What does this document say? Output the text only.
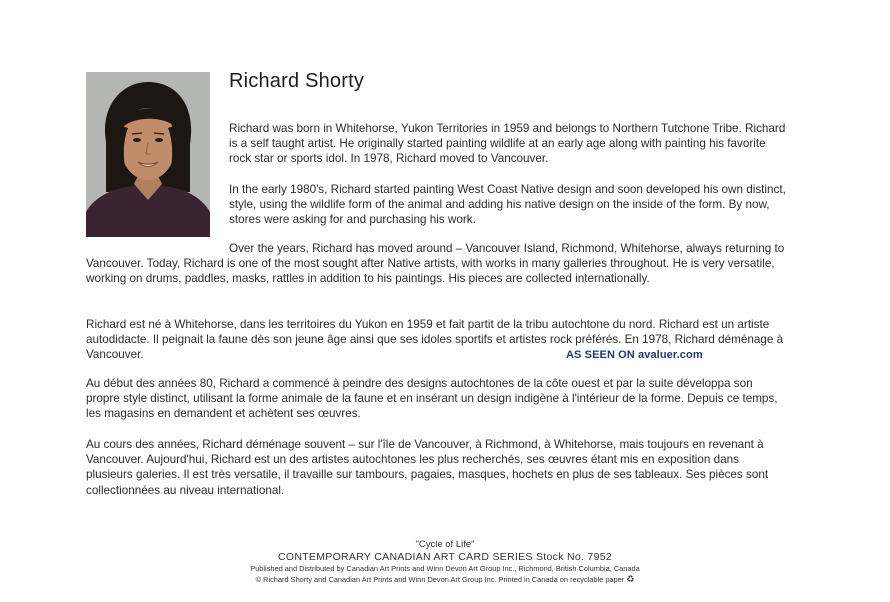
Richard Shorty

Richard was born in Whitehorse, Yukon Territories in 1959 and belongs to Northern Tutchone Tribe. Richard is a self taught artist. He originally started painting wildlife at an early age along with painting his favorite rock star or sports idol. In 1978, Richard moved to Vancouver.

In the early 1980's, Richard started painting West Coast Native design and soon developed his own distinct, style, using the wildlife form of the animal and adding his native design on the inside of the form. By now, stores were asking for and purchasing his work.

Over the years, Richard has moved around – Vancouver Island, Richmond, Whitehorse, always returning to Vancouver. Today, Richard is one of the most sought after Native artists, with works in many galleries throughout. He is very versatile, working on drums, paddles, masks, rattles in addition to his paintings. His pieces are collected internationally.

Richard est né à Whitehorse, dans les territoires du Yukon en 1959 et fait partit de la tribu autochtone du nord. Richard est un artiste autodidacte. Il peignait la faune dès son jeune âge ainsi que ses idoles sportifs et artistes rock préférés. En 1978, Richard déménage à Vancouver.

Au début des années 80, Richard a commencé à peindre des designs autochtones de la côte ouest et par la suite développa son propre style distinct, utilisant la forme animale de la faune et en insérant un design indigène à l'intérieur de la forme. Depuis ce temps, les magasins en demandent et achètent ses œuvres.

Au cours des années, Richard déménage souvent – sur l'île de Vancouver, à Richmond, à Whitehorse, mais toujours en revenant à Vancouver. Aujourd'hui, Richard est un des artistes autochtones les plus recherchés, ses œuvres étant mis en exposition dans plusieurs galeries. Il est très versatile, il travaille sur tambours, pagaies, masques, hochets en plus de ses tableaux. Ses pièces sont collectionnées au niveau international.

AS SEEN ON avaluer.com
"Cycle of Life"
CONTEMPORARY CANADIAN ART CARD SERIES Stock No. 7952
Published and Distributed by Canadian Art Prints and Winn Devon Art Group Inc., Richmond, British Columbia, Canada
© Richard Shorty and Canadian Art Prints and Winn Devon Art Group Inc. Printed in Canada on recyclable paper ♻
